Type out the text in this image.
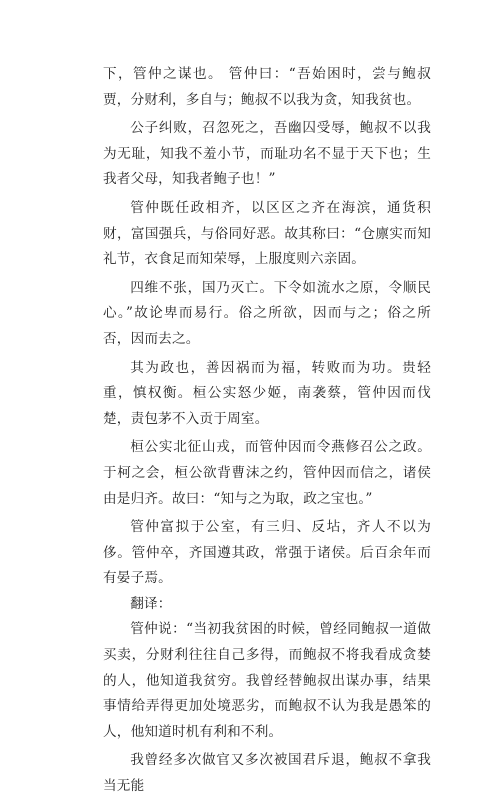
下，管仲之谋也。 管仲曰：“吾始困时，尝与鲍叔贾，分财利，多自与；鲍叔不以我为贪，知我贫也。

公子纠败，召忽死之，吾幽囚受辱，鲍叔不以我为无耻，知我不羞小节，而耻功名不显于天下也；生我者父母，知我者鲍子也！”

管仲既任政相齐，以区区之齐在海滨，通货积财，富国强兵，与俗同好恶。故其称曰：“仓廪实而知礼节，衣食足而知荣辱，上服度则六亲固。

四维不张，国乃灭亡。下令如流水之原，令顺民心。”故论卑而易行。俗之所欲，因而与之；俗之所否，因而去之。

其为政也，善因祸而为福，转败而为功。贵轻重，慎权衡。桓公实怒少姬，南袭蔡，管仲因而伐楚，责包茅不入贡于周室。

桓公实北征山戎，而管仲因而令燕修召公之政。于柯之会，桓公欲背曹沫之约，管仲因而信之，诸侯由是归齐。故曰：“知与之为取，政之宝也。”

管仲富拟于公室，有三归、反坫，齐人不以为侈。管仲卒，齐国遵其政，常强于诸侯。后百余年而有晏子焉。

翻译：

管仲说：“当初我贫困的时候，曾经同鲍叔一道做买卖，分财利往往自己多得，而鲍叔不将我看成贪婪的人，他知道我贫穷。我曾经替鲍叔出谋办事，结果事情给弄得更加处境恶劣，而鲍叔不认为我是愚笨的人，他知道时机有利和不利。

我曾经多次做官又多次被国君斥退，鲍叔不拿我当无能
